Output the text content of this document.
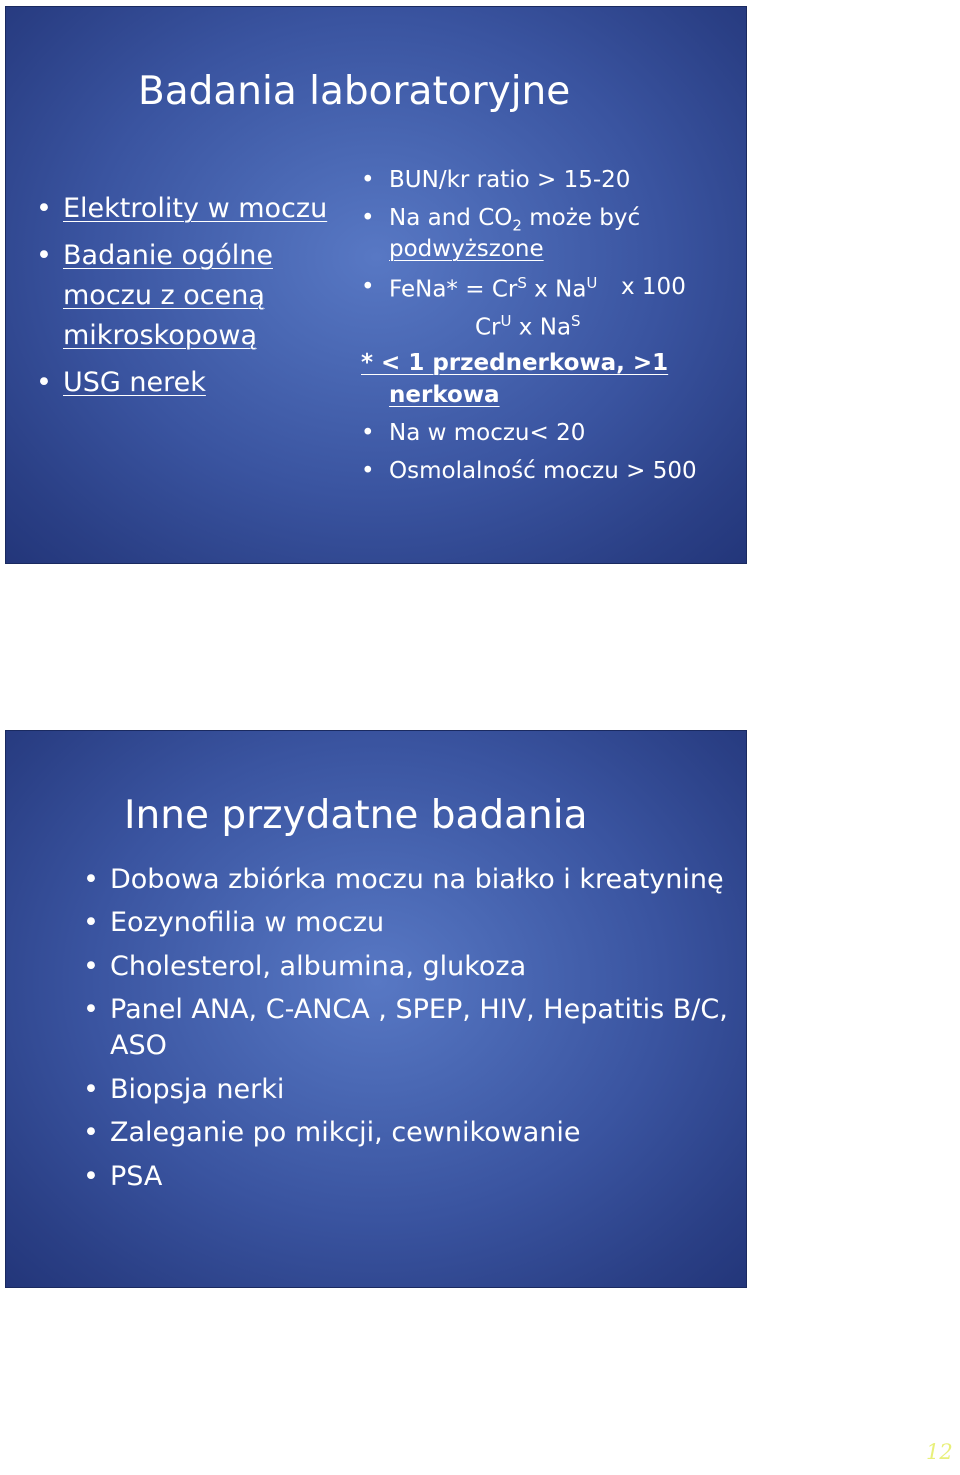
Badania laboratoryjne
• Elektrolity w moczu
• Badanie ogólne
moczu z oceną
mikroskopową
• USG nerek
• BUN/kr ratio > 15-20
• Na and $CO_2$ może być
podwyższone
• FeNa* = $Cr^S$ x $Na^U$ x 100
$Cr^U$ x $Na^S$
* < 1 przednerkowa, >1
nerkowa
• Na w moczu< 20
• Osmolalność moczu > 500
Inne przydatne badania
• Dobowa zbiórka moczu na białko i kreatyninę
• Eozynofilia w moczu
• Cholesterol, albumina, glukoza
• Panel ANA, C-ANCA , SPEP, HIV, Hepatitis B/C,
ASO
• Biopsja nerki
• Zaleganie po mikcji, cewnikowanie
• PSA
12
